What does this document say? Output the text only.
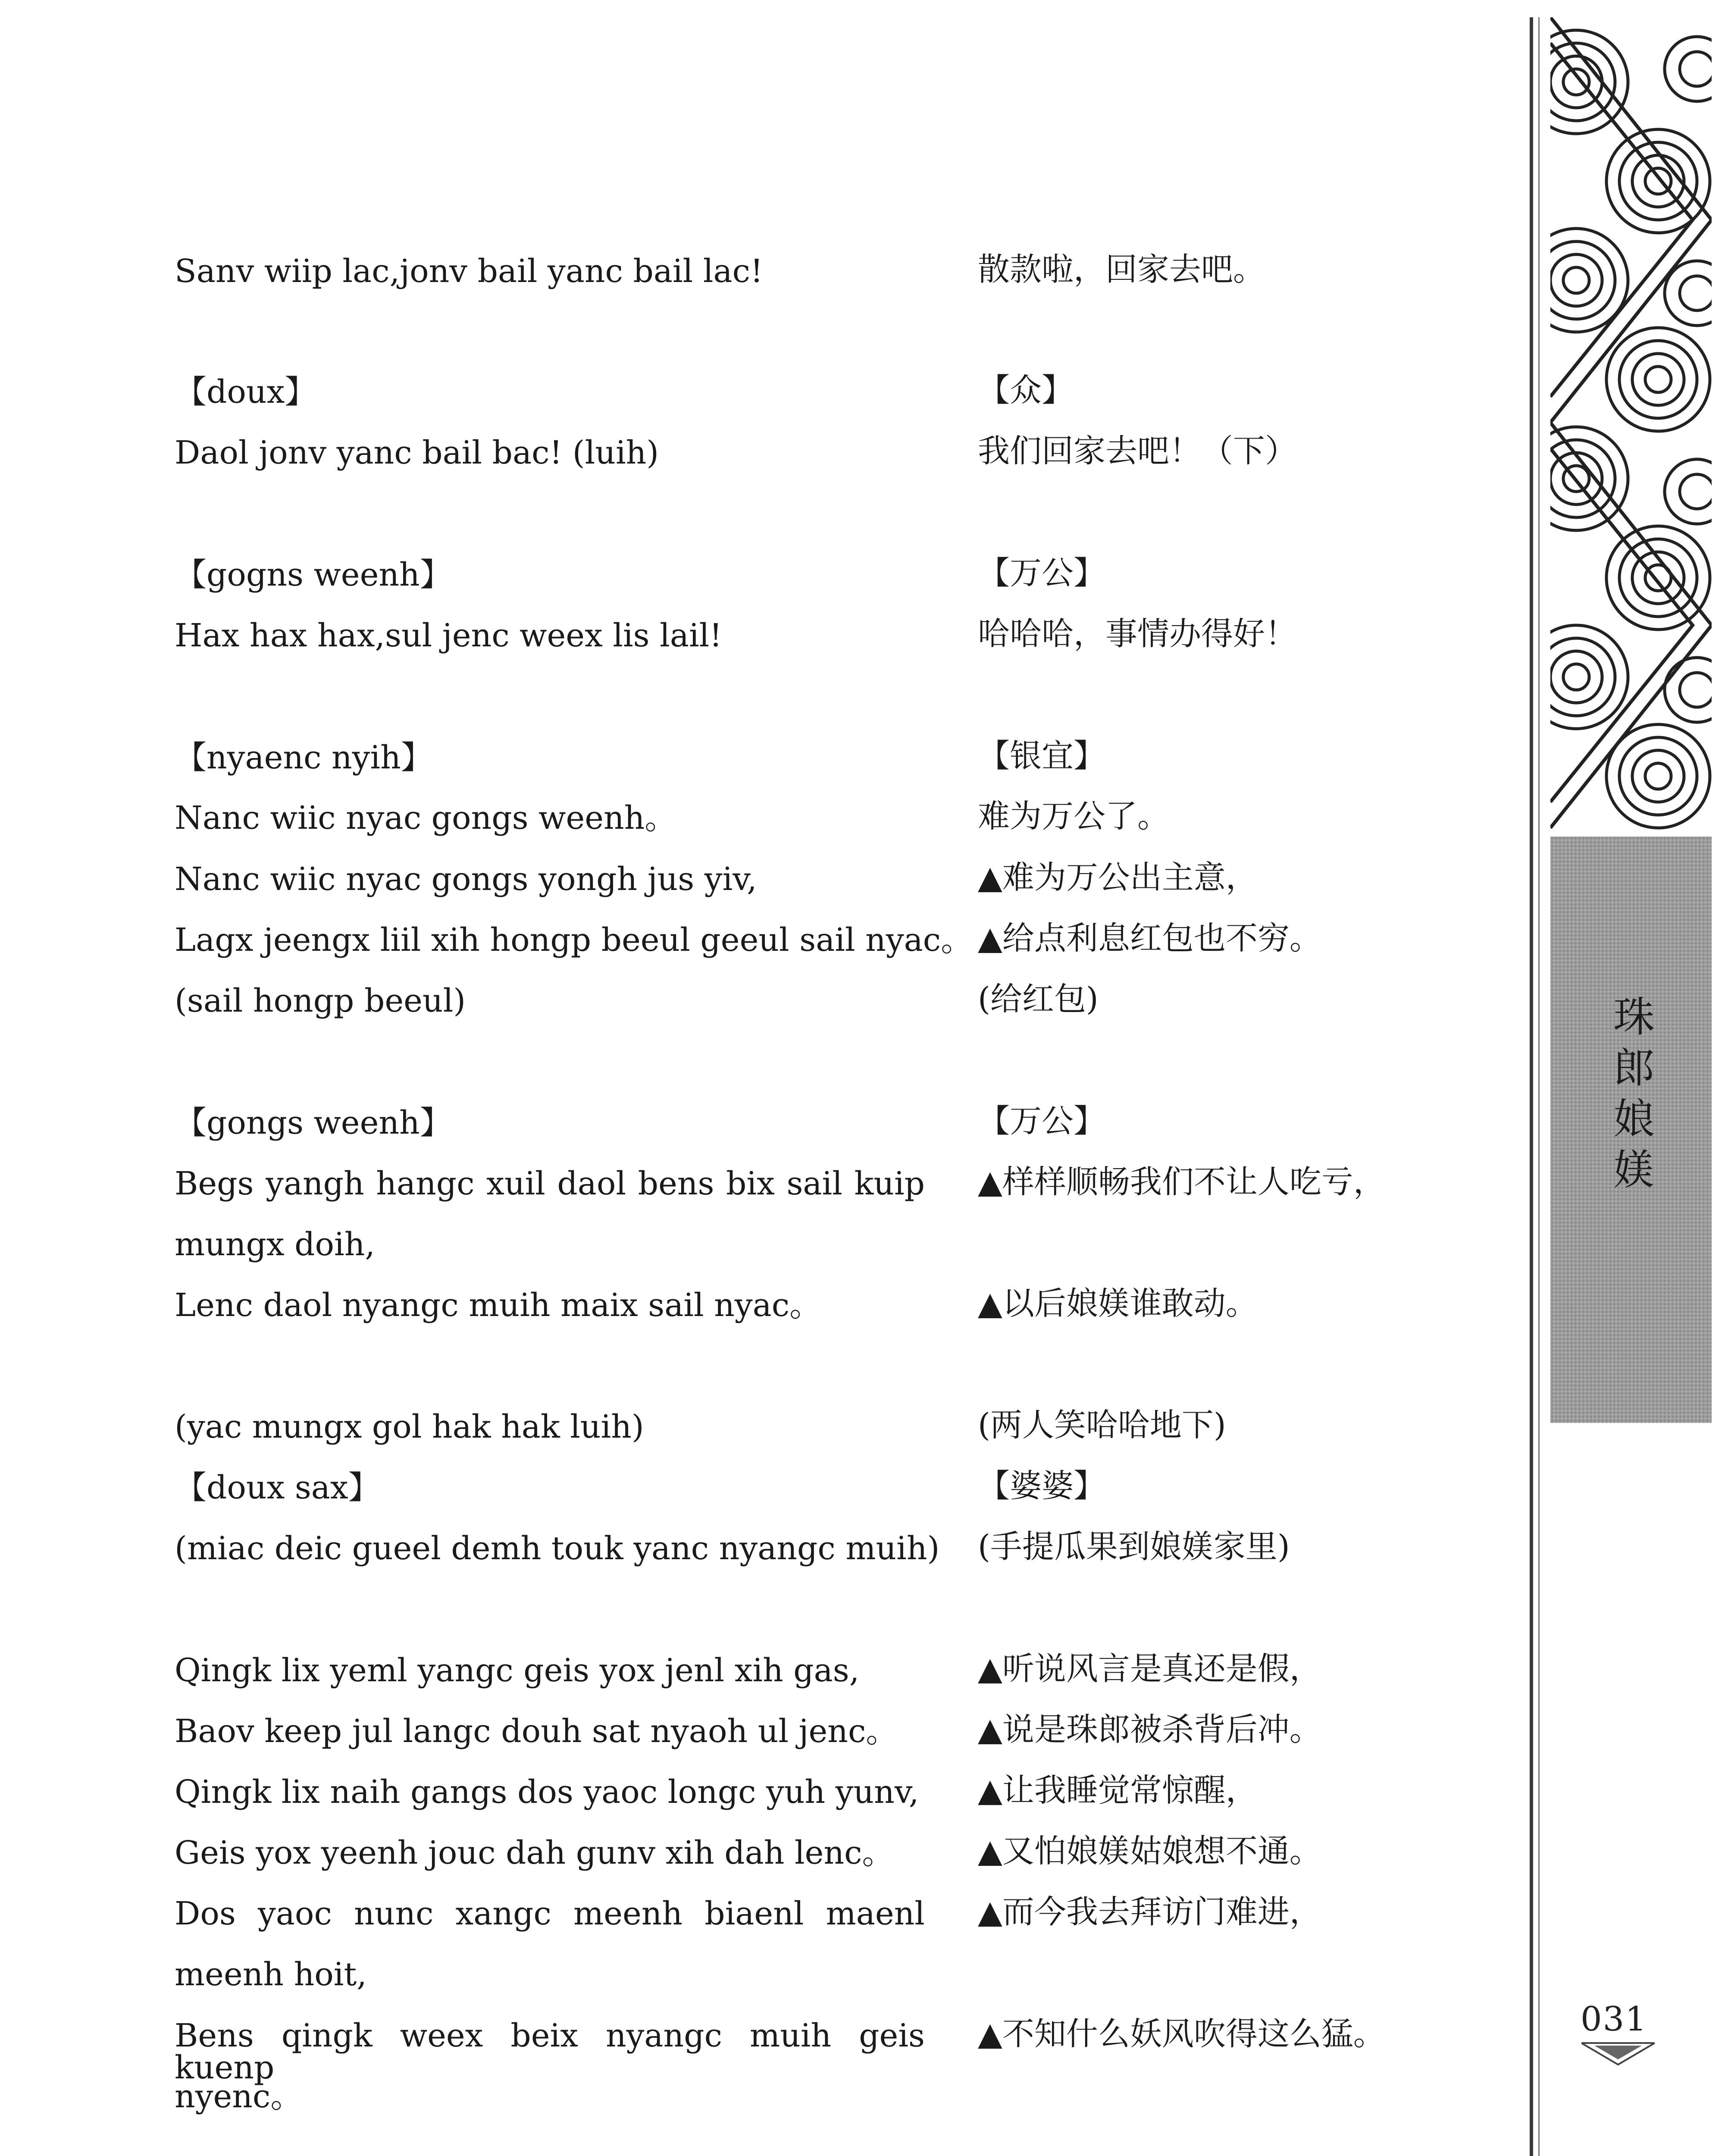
Sanv wiip lac,jonv bail yanc bail lac!
【doux】
Daol jonv yanc bail bac! (luih)
【gogns weenh】
Hax hax hax,sul jenc weex lis lail!
【nyaenc nyih】
Nanc wiic nyac gongs weenh。
Nanc wiic nyac gongs yongh jus yiv,
Lagx jeengx liil xih hongp beeul geeul sail nyac。
(sail hongp beeul)
【gongs weenh】
Begs yangh hangc xuil daol bens bix sail kuip
mungx doih,
Lenc daol nyangc muih maix sail nyac。
(yac mungx gol hak hak luih)
【doux sax】
(miac deic gueel demh touk yanc nyangc muih)
Qingk lix yeml yangc geis yox jenl xih gas,
Baov keep jul langc douh sat nyaoh ul jenc。
Qingk lix naih gangs dos yaoc longc yuh yunv,
Geis yox yeenh jouc dah gunv xih dah lenc。
Dos yaoc nunc xangc meenh biaenl maenl
meenh hoit,
Bens qingk weex beix nyangc muih geis kuenp
nyenc。
散款啦，回家去吧。
【众】
我们回家去吧！（下）
【万公】
哈哈哈，事情办得好！
【银宜】
难为万公了。
▲难为万公出主意，
▲给点利息红包也不穷。
(给红包)
【万公】
▲样样顺畅我们不让人吃亏，
▲以后娘媄谁敢动。
(两人笑哈哈地下)
【婆婆】
(手提瓜果到娘媄家里)
▲听说风言是真还是假，
▲说是珠郎被杀背后冲。
▲让我睡觉常惊醒，
▲又怕娘媄姑娘想不通。
▲而今我去拜访门难进，
▲不知什么妖风吹得这么猛。
珠郎娘媄
031
